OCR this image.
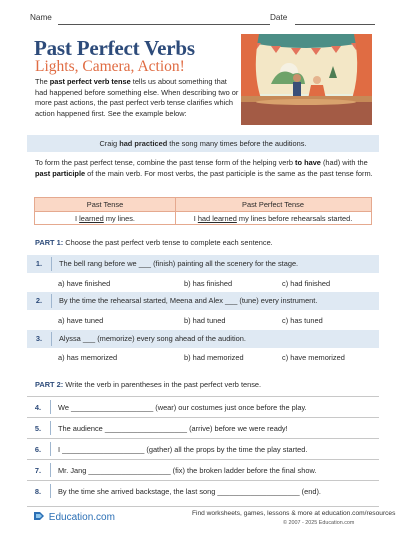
Name	Date
Past Perfect Verbs
Lights, Camera, Action!
The past perfect verb tense tells us about something that had happened before something else. When describing two or more past actions, the past perfect verb tense clarifies which action happened first. See the example below:
Craig had practiced the song many times before the auditions.
To form the past perfect tense, combine the past tense form of the helping verb to have (had) with the past participle of the main verb. For most verbs, the past participle is the same as the past tense form.
Past Tense	Past Perfect Tense
I learned my lines.	I had learned my lines before rehearsals started.
PART 1: Choose the past perfect verb tense to complete each sentence.
1.	The bell rang before we ___ (finish) painting all the scenery for the stage.
a) have finished	b) has finished	c) had finished
2.	By the time the rehearsal started, Meena and Alex ___ (tune) every instrument.
a) have tuned	b) had tuned	c) has tuned
3.	Alyssa ___ (memorize) every song ahead of the audition.
a) has memorized	b) had memorized	c) have memorized
PART 2: Write the verb in parentheses in the past perfect verb tense.
4.	We ____________________ (wear) our costumes just once before the play.
5.	The audience ____________________ (arrive) before we were ready!
6.	I ____________________ (gather) all the props by the time the play started.
7.	Mr. Jang ____________________ (fix) the broken ladder before the final show.
8.	By the time she arrived backstage, the last song ____________________ (end).
Education.com	Find worksheets, games, lessons & more at education.com/resources
© 2007 - 2025 Education.com
